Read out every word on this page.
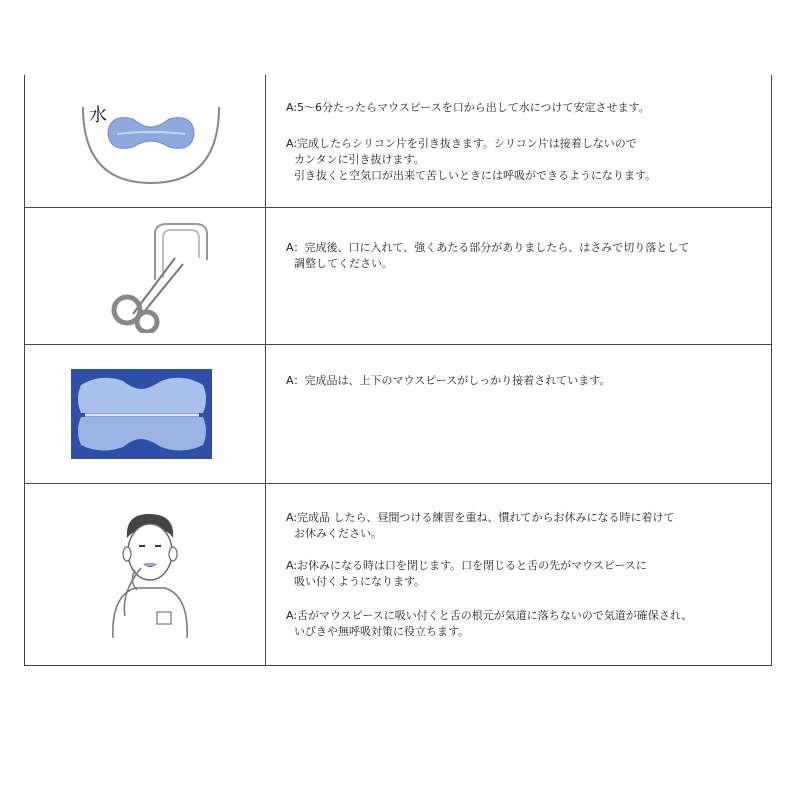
水	A:5～6分たったらマウスピースを口から出して水につけて安定させます。
A:完成したらシリコン片を引き抜きます。シリコン片は接着しないので
カンタンに引き抜けます。
引き抜くと空気口が出来て苦しいときには呼吸ができるようになります。
A：完成後、口に入れて、強くあたる部分がありましたら、はさみで切り落として
調整してください。
A：完成品は、上下のマウスピースがしっかり接着されています。
A:完成品 したら、昼間つける練習を重ね、慣れてからお休みになる時に着けて
お休みください。
A:お休みになる時は口を閉じます。口を閉じると舌の先がマウスピースに
吸い付くようになります。
A:舌がマウスピースに吸い付くと舌の根元が気道に落ちないので気道が確保され、
いびきや無呼吸対策に役立ちます。
